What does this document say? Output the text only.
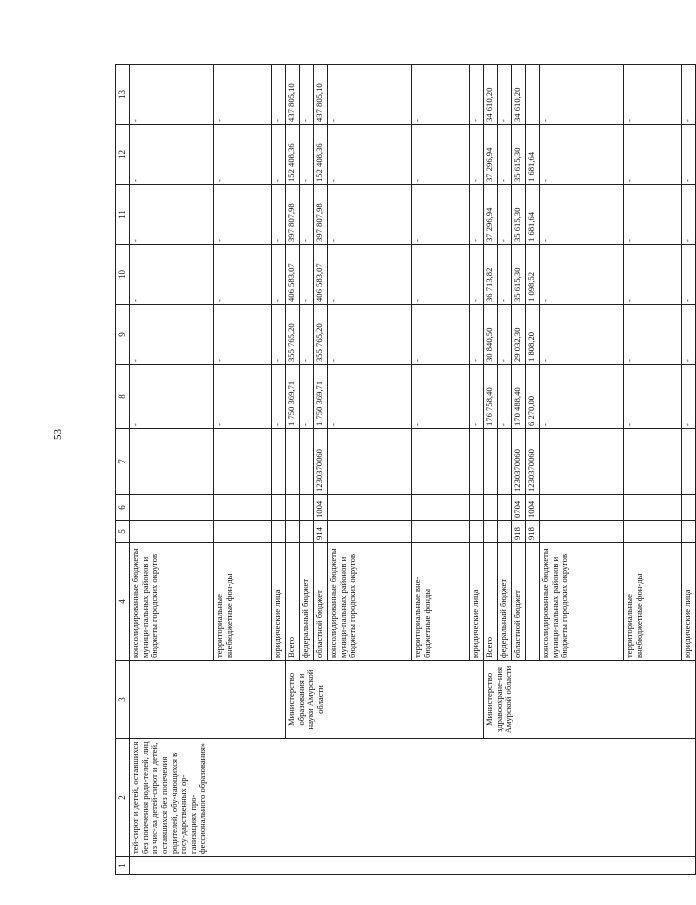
53
1	2	3	4	5	6	7	8	9	10	11	12	13
	тей-сирот и детей, оставшихся без попечения роди-телей, лиц из чис-ла детей-сирот и детей, оставшихся без попечения родителей, обу-чающихся в госу-дарственных ор-ганизациях про-фессионального образования»		консолидированные бюджеты муници-пальных районов и бюджеты городских округов				-	-	-	-	-	-
			территориальные внебюджетные фон-ды				-	-	-	-	-	-
			юридические лица				-	-	-	-	-	-
		Министерство образования и науки Амурской области	Всего				1 750 369,71	355 765,20	406 583,07	397 807,98	152 408,36	437 805,10
			федеральный бюджет				-	-	-	-	-	-
			областной бюджет	914	1004	1230370060	1 750 369,71	355 765,20	406 583,07	397 807,98	152 408,36	437 805,10
			консолидированные бюджеты муници-пальных районов и бюджеты городских округов				-	-	-	-	-	-
			территориальные вне-бюджетные фонды				-	-	-	-	-	-
			юридические лица				-	-	-	-	-	-
		Министерство здравоохране-ния Амурской области	Всего				176 758,40	30 840,50	36 713,82	37 296,94	37 296,94	34 610,20
			федеральный бюджет				-	-	-	-	-	-
			областной бюджет	918	0704	1230370060	170 488,40	29 032,30	35 615,30	35 615,30	35 615,30	34 610,20
				918	1004	1230370060	6 270,00	1 808,20	1 098,52	1 681,64	1 681,64	
			консолидированные бюджеты муници-пальных районов и бюджеты городских округов				-	-	-	-	-	-
			территориальные внебюджетные фон-ды				-	-	-	-	-	-
			юридические лица				-	-	-	-	-	-
